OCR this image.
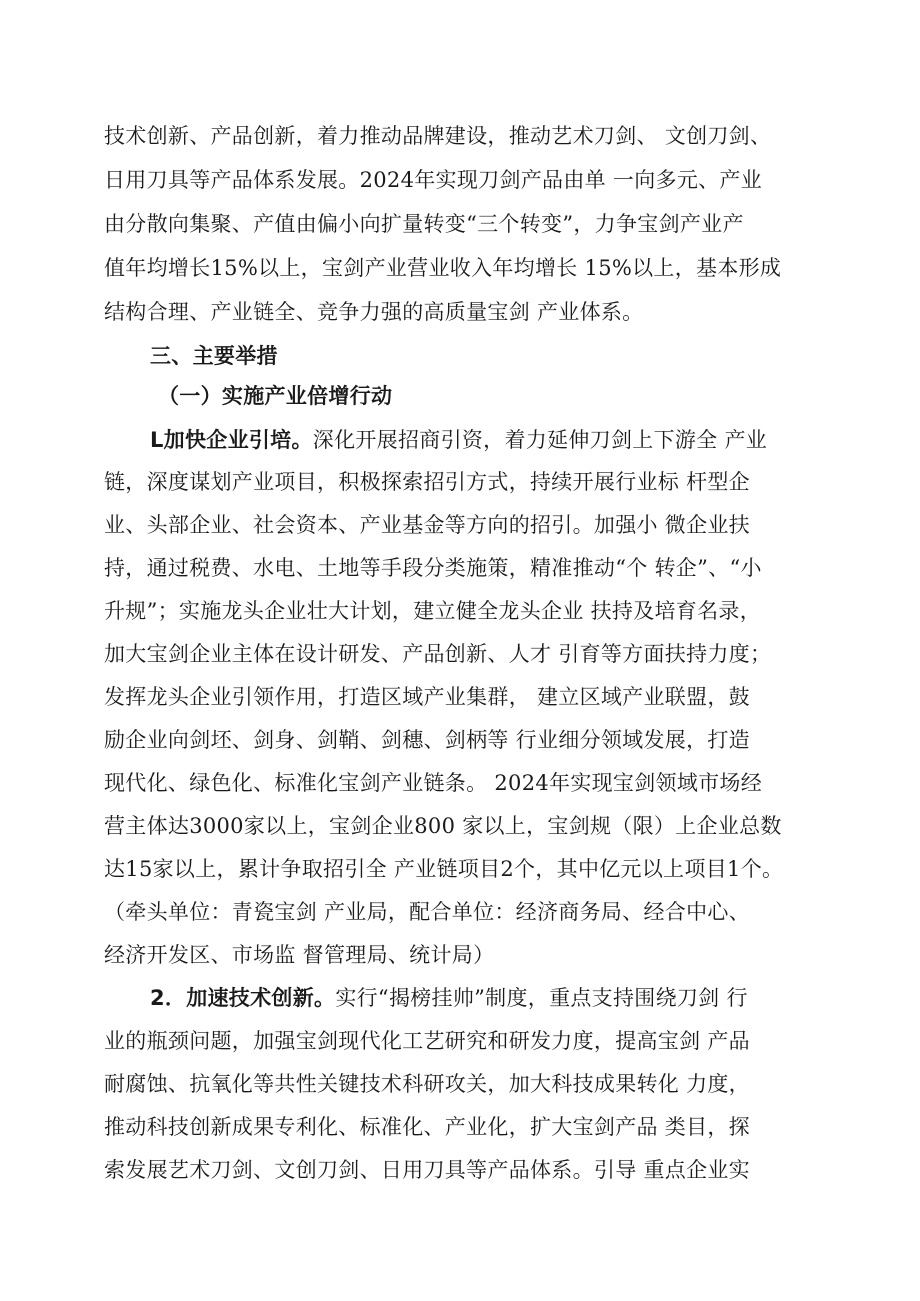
技术创新、产品创新，着力推动品牌建设，推动艺术刀剑、 文创刀剑、
日用刀具等产品体系发展。2024年实现刀剑产品由单 一向多元、产业
由分散向集聚、产值由偏小向扩量转变“三个转变”，力争宝剑产业产
值年均增长15%以上，宝剑产业营业收入年均增长 15%以上，基本形成
结构合理、产业链全、竞争力强的高质量宝剑 产业体系。
三、主要举措
（一）实施产业倍增行动
L加快企业引培。深化开展招商引资，着力延伸刀剑上下游全 产业
链，深度谋划产业项目，积极探索招引方式，持续开展行业标 杆型企
业、头部企业、社会资本、产业基金等方向的招引。加强小 微企业扶
持，通过税费、水电、土地等手段分类施策，精准推动“个 转企”、“小
升规”；实施龙头企业壮大计划，建立健全龙头企业 扶持及培育名录，
加大宝剑企业主体在设计研发、产品创新、人才 引育等方面扶持力度；
发挥龙头企业引领作用，打造区域产业集群， 建立区域产业联盟，鼓
励企业向剑坯、剑身、剑鞘、剑穗、剑柄等 行业细分领域发展，打造
现代化、绿色化、标准化宝剑产业链条。 2024年实现宝剑领域市场经
营主体达3000家以上，宝剑企业800 家以上，宝剑规（限）上企业总数
达15家以上，累计争取招引全 产业链项目2个，其中亿元以上项目1个。
（牵头单位：青瓷宝剑 产业局，配合单位：经济商务局、经合中心、
经济开发区、市场监 督管理局、统计局）
2．加速技术创新。实行“揭榜挂帅”制度，重点支持围绕刀剑 行
业的瓶颈问题，加强宝剑现代化工艺研究和研发力度，提高宝剑 产品
耐腐蚀、抗氧化等共性关键技术科研攻关，加大科技成果转化 力度，
推动科技创新成果专利化、标准化、产业化，扩大宝剑产品 类目，探
索发展艺术刀剑、文创刀剑、日用刀具等产品体系。引导 重点企业实
